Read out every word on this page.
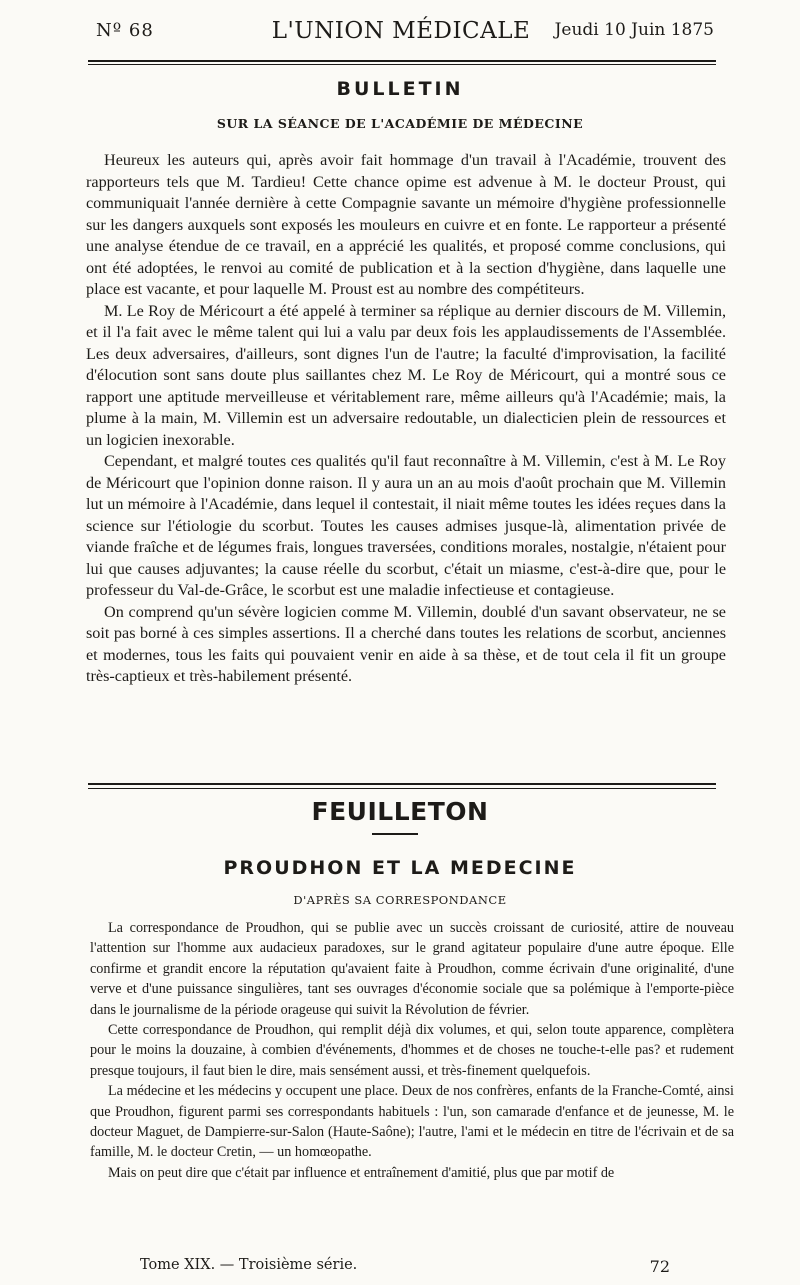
Nº 68	L'UNION MÉDICALE	Jeudi 10 Juin 1875
BULLETIN
SUR LA SÉANCE DE L'ACADÉMIE DE MÉDECINE

Heureux les auteurs qui, après avoir fait hommage d'un travail à l'Académie, trouvent des rapporteurs tels que M. Tardieu! Cette chance opime est advenue à M. le docteur Proust, qui communiquait l'année dernière à cette Compagnie savante un mémoire d'hygiène professionnelle sur les dangers auxquels sont exposés les mouleurs en cuivre et en fonte. Le rapporteur a présenté une analyse étendue de ce travail, en a apprécié les qualités, et proposé comme conclusions, qui ont été adoptées, le renvoi au comité de publication et à la section d'hygiène, dans laquelle une place est vacante, et pour laquelle M. Proust est au nombre des compétiteurs.

M. Le Roy de Méricourt a été appelé à terminer sa réplique au dernier discours de M. Villemin, et il l'a fait avec le même talent qui lui a valu par deux fois les applaudissements de l'Assemblée. Les deux adversaires, d'ailleurs, sont dignes l'un de l'autre; la faculté d'improvisation, la facilité d'élocution sont sans doute plus saillantes chez M. Le Roy de Méricourt, qui a montré sous ce rapport une aptitude merveilleuse et véritablement rare, même ailleurs qu'à l'Académie; mais, la plume à la main, M. Villemin est un adversaire redoutable, un dialecticien plein de ressources et un logicien inexorable.

Cependant, et malgré toutes ces qualités qu'il faut reconnaître à M. Villemin, c'est à M. Le Roy de Méricourt que l'opinion donne raison. Il y aura un an au mois d'août prochain que M. Villemin lut un mémoire à l'Académie, dans lequel il contestait, il niait même toutes les idées reçues dans la science sur l'étiologie du scorbut. Toutes les causes admises jusque-là, alimentation privée de viande fraîche et de légumes frais, longues traversées, conditions morales, nostalgie, n'étaient pour lui que causes adjuvantes; la cause réelle du scorbut, c'était un miasme, c'est-à-dire que, pour le professeur du Val-de-Grâce, le scorbut est une maladie infectieuse et contagieuse.

On comprend qu'un sévère logicien comme M. Villemin, doublé d'un savant observateur, ne se soit pas borné à ces simples assertions. Il a cherché dans toutes les relations de scorbut, anciennes et modernes, tous les faits qui pouvaient venir en aide à sa thèse, et de tout cela il fit un groupe très-captieux et très-habilement présenté.

FEUILLETON
PROUDHON ET LA MEDECINE
D'APRÈS SA CORRESPONDANCE

La correspondance de Proudhon, qui se publie avec un succès croissant de curiosité, attire de nouveau l'attention sur l'homme aux audacieux paradoxes, sur le grand agitateur populaire d'une autre époque. Elle confirme et grandit encore la réputation qu'avaient faite à Proudhon, comme écrivain d'une originalité, d'une verve et d'une puissance singulières, tant ses ouvrages d'économie sociale que sa polémique à l'emporte-pièce dans le journalisme de la période orageuse qui suivit la Révolution de février.

Cette correspondance de Proudhon, qui remplit déjà dix volumes, et qui, selon toute apparence, complètera pour le moins la douzaine, à combien d'événements, d'hommes et de choses ne touche-t-elle pas? et rudement presque toujours, il faut bien le dire, mais sensément aussi, et très-finement quelquefois.

La médecine et les médecins y occupent une place. Deux de nos confrères, enfants de la Franche-Comté, ainsi que Proudhon, figurent parmi ses correspondants habituels : l'un, son camarade d'enfance et de jeunesse, M. le docteur Maguet, de Dampierre-sur-Salon (Haute-Saône); l'autre, l'ami et le médecin en titre de l'écrivain et de sa famille, M. le docteur Cretin, — un homœopathe.

Mais on peut dire que c'était par influence et entraînement d'amitié, plus que par motif de

Tome XIX. — Troisième série.	72
